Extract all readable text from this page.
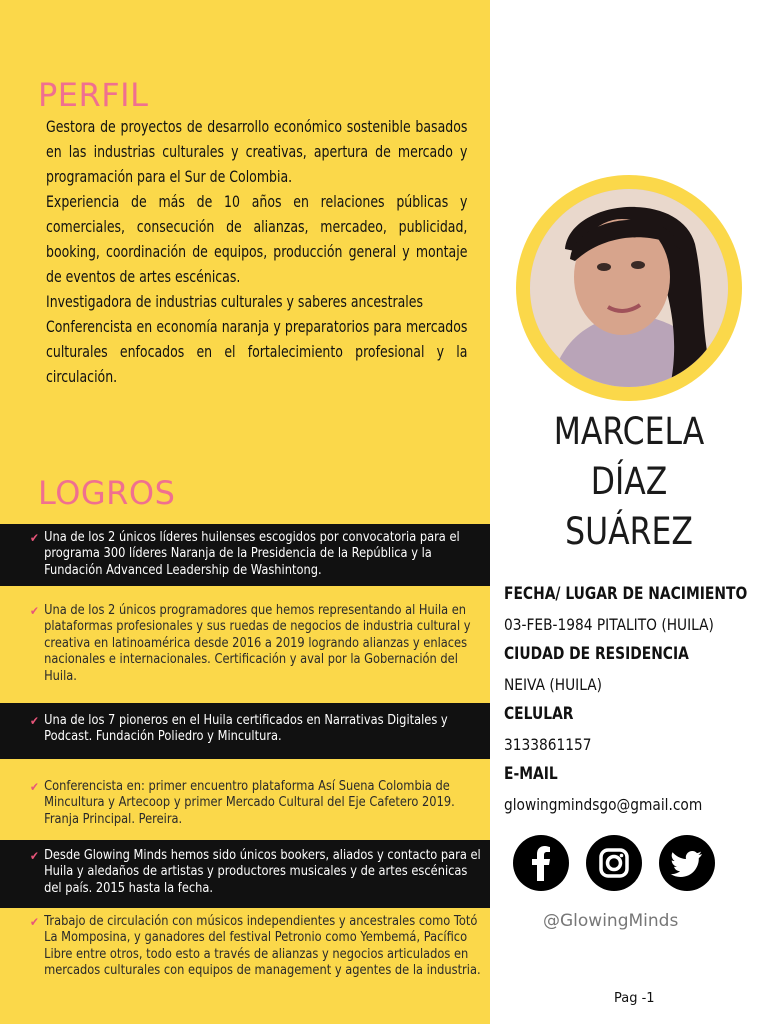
PERFIL

Gestora de proyectos de desarrollo económico sostenible basados en las industrias culturales y creativas, apertura de mercado y programación para el Sur de Colombia.

Experiencia de más de 10 años en relaciones públicas y comerciales, consecución de alianzas, mercadeo, publicidad, booking, coordinación de equipos, producción general y montaje de eventos de artes escénicas.

Investigadora de industrias culturales y saberes ancestrales

Conferencista en economía naranja y preparatorios para mercados culturales enfocados en el fortalecimiento profesional y la circulación.

LOGROS
✔ Una de los 2 únicos líderes huilenses escogidos por convocatoria para el programa 300 líderes Naranja de la Presidencia de la República y la Fundación Advanced Leadership de Washintong.
✔ Una de los 2 únicos programadores que hemos representando al Huila en plataformas profesionales y sus ruedas de negocios de industria cultural y creativa en latinoamérica desde 2016 a 2019 logrando alianzas y enlaces nacionales e internacionales. Certificación y aval por la Gobernación del Huila.
✔ Una de los 7 pioneros en el Huila certificados en Narrativas Digitales y Podcast. Fundación Poliedro y Mincultura.
✔ Conferencista en: primer encuentro plataforma Así Suena Colombia de Mincultura y Artecoop y primer Mercado Cultural del Eje Cafetero 2019. Franja Principal. Pereira.
✔ Desde Glowing Minds hemos sido únicos bookers, aliados y contacto para el Huila y aledaños de artistas y productores musicales y de artes escénicas del país. 2015 hasta la fecha.
✔ Trabajo de circulación con músicos independientes y ancestrales como Totó La Momposina, y ganadores del festival Petronio como Yembemá, Pacífico Libre entre otros, todo esto a través de alianzas y negocios articulados en mercados culturales con equipos de management y agentes de la industria.
MARCELA
DÍAZ
SUÁREZ
FECHA/ LUGAR DE NACIMIENTO
03-FEB-1984 PITALITO (HUILA)
CIUDAD DE RESIDENCIA
NEIVA (HUILA)
CELULAR
3133861157
E-MAIL
glowingmindsgo@gmail.com
@GlowingMinds
Pag -1
